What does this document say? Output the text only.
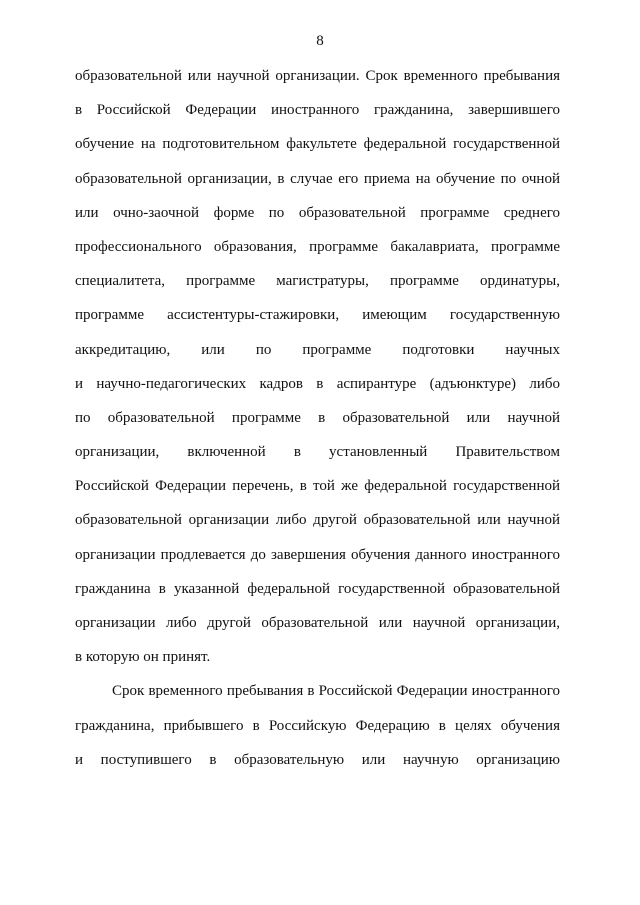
8
образовательной или научной организации. Срок временного пребывания
в Российской Федерации иностранного гражданина, завершившего
обучение на подготовительном факультете федеральной государственной
образовательной организации, в случае его приема на обучение по очной
или очно-заочной форме по образовательной программе среднего
профессионального образования, программе бакалавриата, программе
специалитета, программе магистратуры, программе ординатуры,
программе ассистентуры-стажировки, имеющим государственную
аккредитацию, или по программе подготовки научных
и научно-педагогических кадров в аспирантуре (адъюнктуре) либо
по образовательной программе в образовательной или научной
организации, включенной в установленный Правительством
Российской Федерации перечень, в той же федеральной государственной
образовательной организации либо другой образовательной или научной
организации продлевается до завершения обучения данного иностранного
гражданина в указанной федеральной государственной образовательной
организации либо другой образовательной или научной организации,
в которую он принят.
Срок временного пребывания в Российской Федерации иностранного
гражданина, прибывшего в Российскую Федерацию в целях обучения
и поступившего в образовательную или научную организацию
